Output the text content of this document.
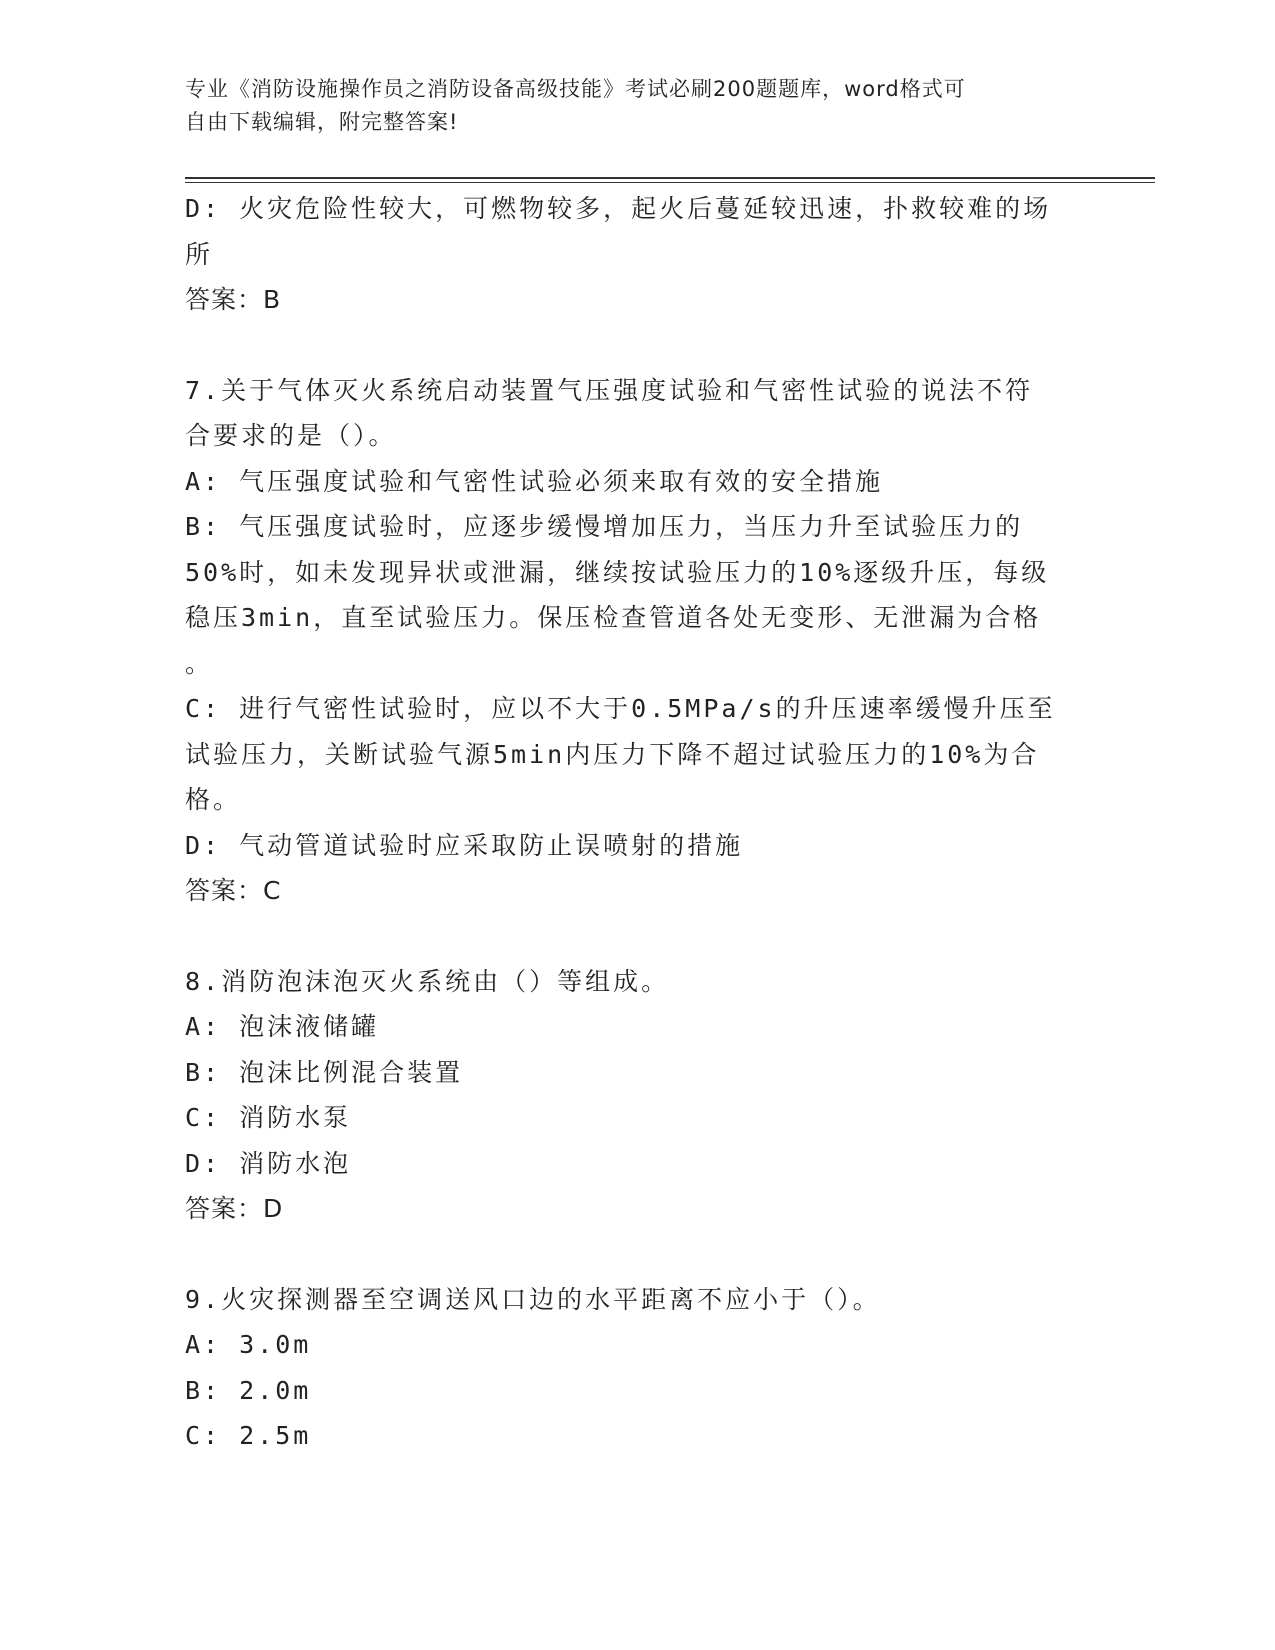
专业《消防设施操作员之消防设备高级技能》考试必刷200题题库，word格式可
自由下载编辑，附完整答案!
D: 火灾危险性较大，可燃物较多，起火后蔓延较迅速，扑救较难的场
所
答案：B
7.关于气体灭火系统启动装置气压强度试验和气密性试验的说法不符
合要求的是（）。
A: 气压强度试验和气密性试验必须来取有效的安全措施
B: 气压强度试验时，应逐步缓慢增加压力，当压力升至试验压力的
50%时，如未发现异状或泄漏，继续按试验压力的10%逐级升压，每级
稳压3min，直至试验压力。保压检查管道各处无变形、无泄漏为合格
。
C: 进行气密性试验时，应以不大于0.5MPa/s的升压速率缓慢升压至
试验压力，关断试验气源5min内压力下降不超过试验压力的10%为合
格。
D: 气动管道试验时应采取防止误喷射的措施
答案：C
8.消防泡沫泡灭火系统由（）等组成。
A: 泡沫液储罐
B: 泡沫比例混合装置
C: 消防水泵
D: 消防水泡
答案：D
9.火灾探测器至空调送风口边的水平距离不应小于（）。
A: 3.0m
B: 2.0m
C: 2.5m
